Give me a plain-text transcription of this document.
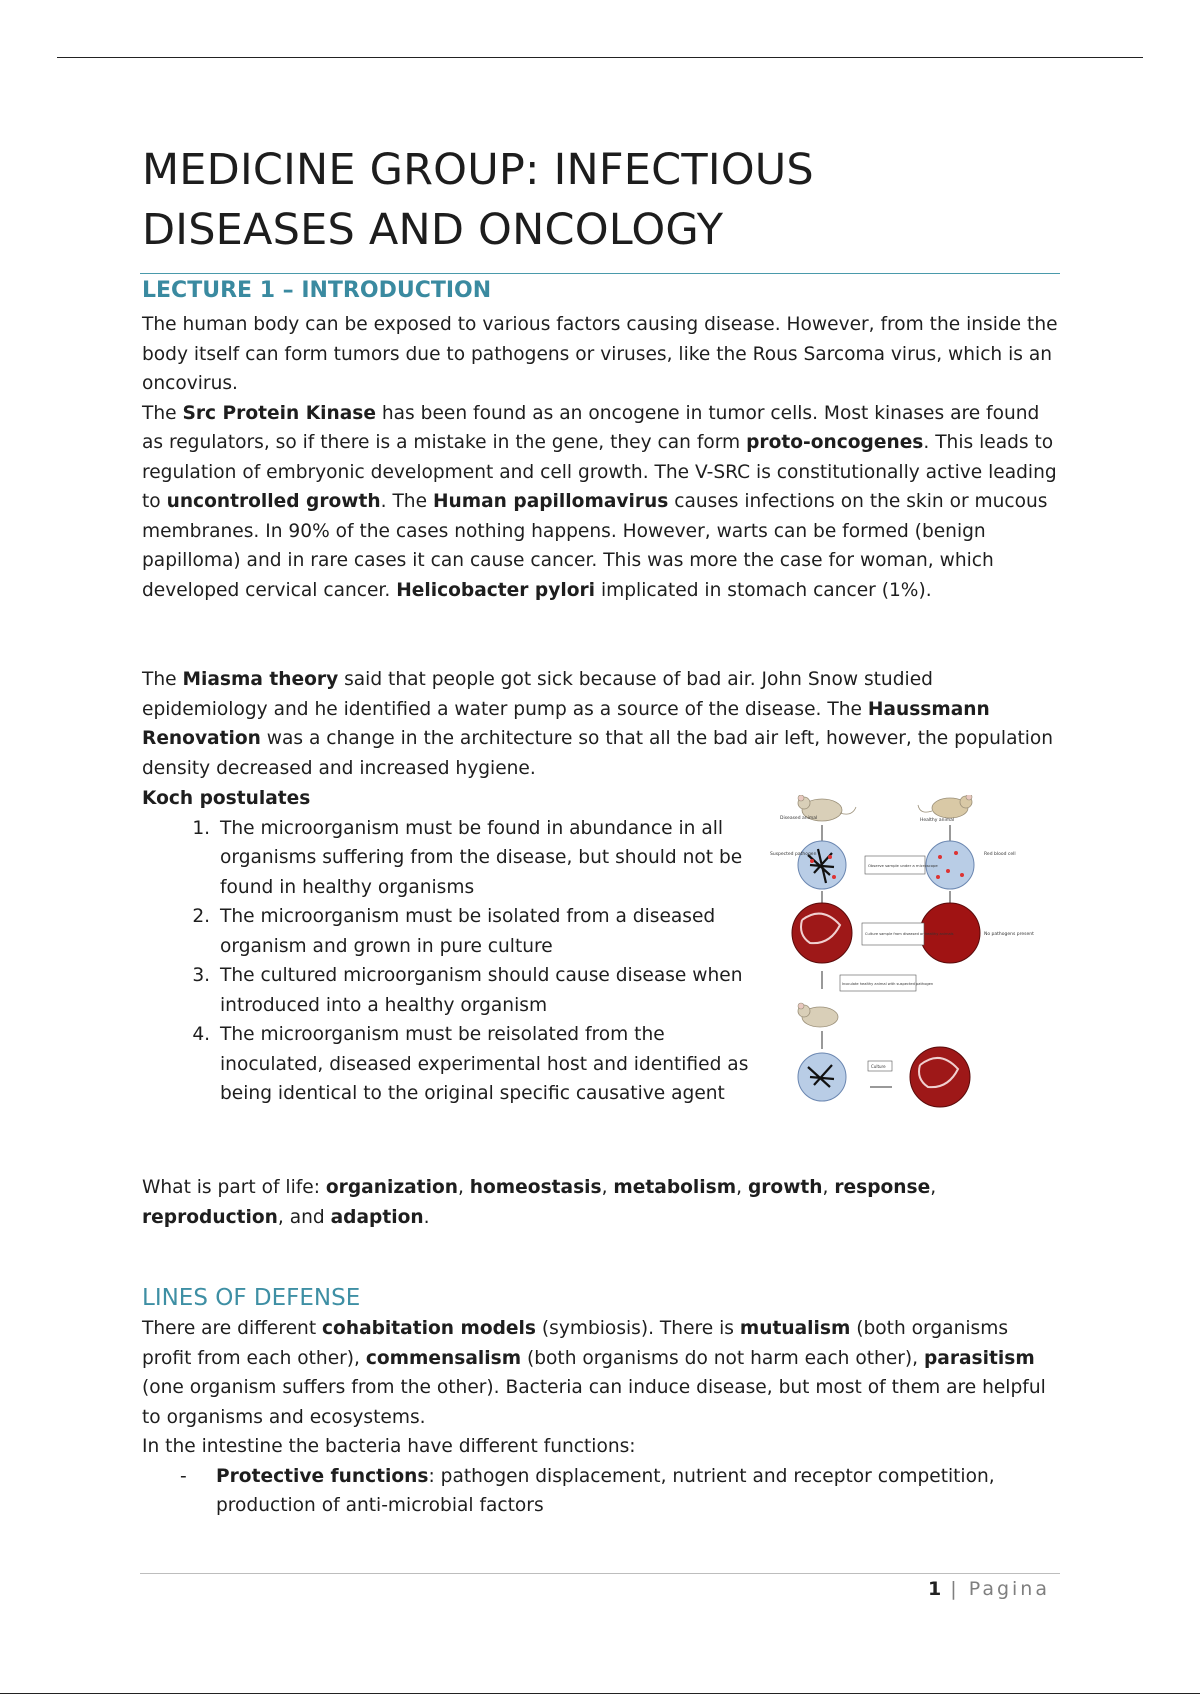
MEDICINE GROUP: INFECTIOUS
DISEASES AND ONCOLOGY
LECTURE 1 – INTRODUCTION

The human body can be exposed to various factors causing disease. However, from the inside the body itself can form tumors due to pathogens or viruses, like the Rous Sarcoma virus, which is an oncovirus.

The Src Protein Kinase has been found as an oncogene in tumor cells. Most kinases are found as regulators, so if there is a mistake in the gene, they can form proto-oncogenes. This leads to regulation of embryonic development and cell growth. The V-SRC is constitutionally active leading to uncontrolled growth. The Human papillomavirus causes infections on the skin or mucous membranes. In 90% of the cases nothing happens. However, warts can be formed (benign papilloma) and in rare cases it can cause cancer. This was more the case for woman, which developed cervical cancer. Helicobacter pylori implicated in stomach cancer (1%).

The Miasma theory said that people got sick because of bad air. John Snow studied epidemiology and he identified a water pump as a source of the disease. The Haussmann Renovation was a change in the architecture so that all the bad air left, however, the population density decreased and increased hygiene.

Koch postulates

1. The microorganism must be found in abundance in all organisms suffering from the disease, but should not be found in healthy organisms
2. The microorganism must be isolated from a diseased organism and grown in pure culture
3. The cultured microorganism should cause disease when introduced into a healthy organism
4. The microorganism must be reisolated from the inoculated, diseased experimental host and identified as being identical to the original specific causative agent
Diseased animal	Healthy animal
Suspected pathogen	Red blood cell
Observe sample under a microscope
Culture sample from diseased or healthy animals	No pathogens present
Inoculate healthy animal with suspected pathogen
Culture

What is part of life: organization, homeostasis, metabolism, growth, response, reproduction, and adaption.

LINES OF DEFENSE

There are different cohabitation models (symbiosis). There is mutualism (both organisms profit from each other), commensalism (both organisms do not harm each other), parasitism (one organism suffers from the other). Bacteria can induce disease, but most of them are helpful to organisms and ecosystems.

In the intestine the bacteria have different functions:

- Protective functions: pathogen displacement, nutrient and receptor competition, production of anti-microbial factors
1 | Pagina
